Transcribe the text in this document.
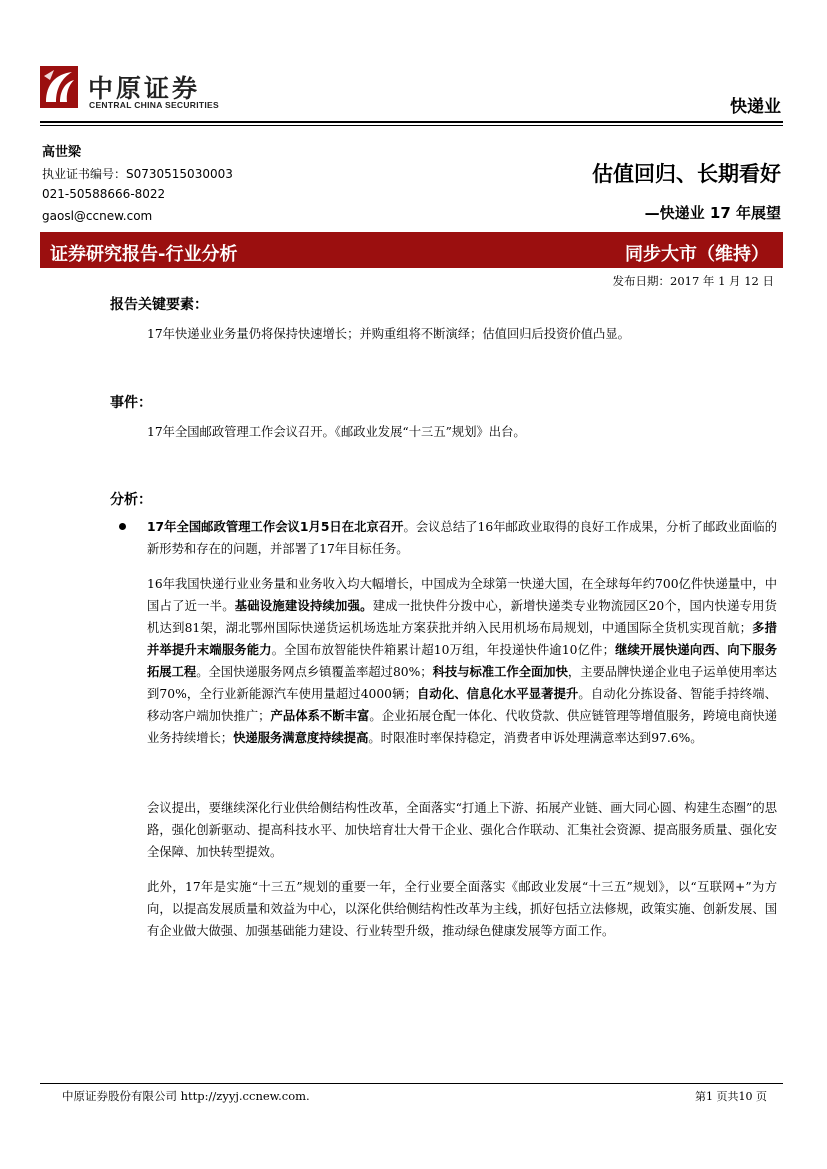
中原证券
CENTRAL CHINA SECURITIES	快递业
高世梁
执业证书编号：S0730515030003
021-50588666-8022
gaosl@ccnew.com
估值回归、长期看好
—快递业 17 年展望
证券研究报告-行业分析	同步大市（维持）
发布日期：2017 年 1 月 12 日
报告关键要素：
17年快递业业务量仍将保持快速增长；并购重组将不断演绎；估值回归后投资价值凸显。
事件：
17年全国邮政管理工作会议召开。《邮政业发展“十三五”规划》出台。
分析：
17年全国邮政管理工作会议1月5日在北京召开。会议总结了16年邮政业取得的良好工作成果，分析了邮政业面临的新形势和存在的问题，并部署了17年目标任务。
16年我国快递行业业务量和业务收入均大幅增长，中国成为全球第一快递大国，在全球每年约700亿件快递量中，中国占了近一半。基础设施建设持续加强。建成一批快件分拨中心，新增快递类专业物流园区20个，国内快递专用货机达到81架，湖北鄂州国际快递货运机场选址方案获批并纳入民用机场布局规划，中通国际全货机实现首航；多措并举提升末端服务能力。全国布放智能快件箱累计超10万组，年投递快件逾10亿件；继续开展快递向西、向下服务拓展工程。全国快递服务网点乡镇覆盖率超过80%；科技与标准工作全面加快，主要品牌快递企业电子运单使用率达到70%，全行业新能源汽车使用量超过4000辆；自动化、信息化水平显著提升。自动化分拣设备、智能手持终端、移动客户端加快推广；产品体系不断丰富。企业拓展仓配一体化、代收贷款、供应链管理等增值服务，跨境电商快递业务持续增长；快递服务满意度持续提高。时限准时率保持稳定，消费者申诉处理满意率达到97.6%。
会议提出，要继续深化行业供给侧结构性改革，全面落实“打通上下游、拓展产业链、画大同心圆、构建生态圈”的思路，强化创新驱动、提高科技水平、加快培育壮大骨干企业、强化合作联动、汇集社会资源、提高服务质量、强化安全保障、加快转型提效。
此外，17年是实施“十三五”规划的重要一年，全行业要全面落实《邮政业发展“十三五”规划》，以“互联网+”为方向，以提高发展质量和效益为中心，以深化供给侧结构性改革为主线，抓好包括立法修规，政策实施、创新发展、国有企业做大做强、加强基础能力建设、行业转型升级，推动绿色健康发展等方面工作。
中原证券股份有限公司 http://zyyj.ccnew.com.	第1 页共10 页
